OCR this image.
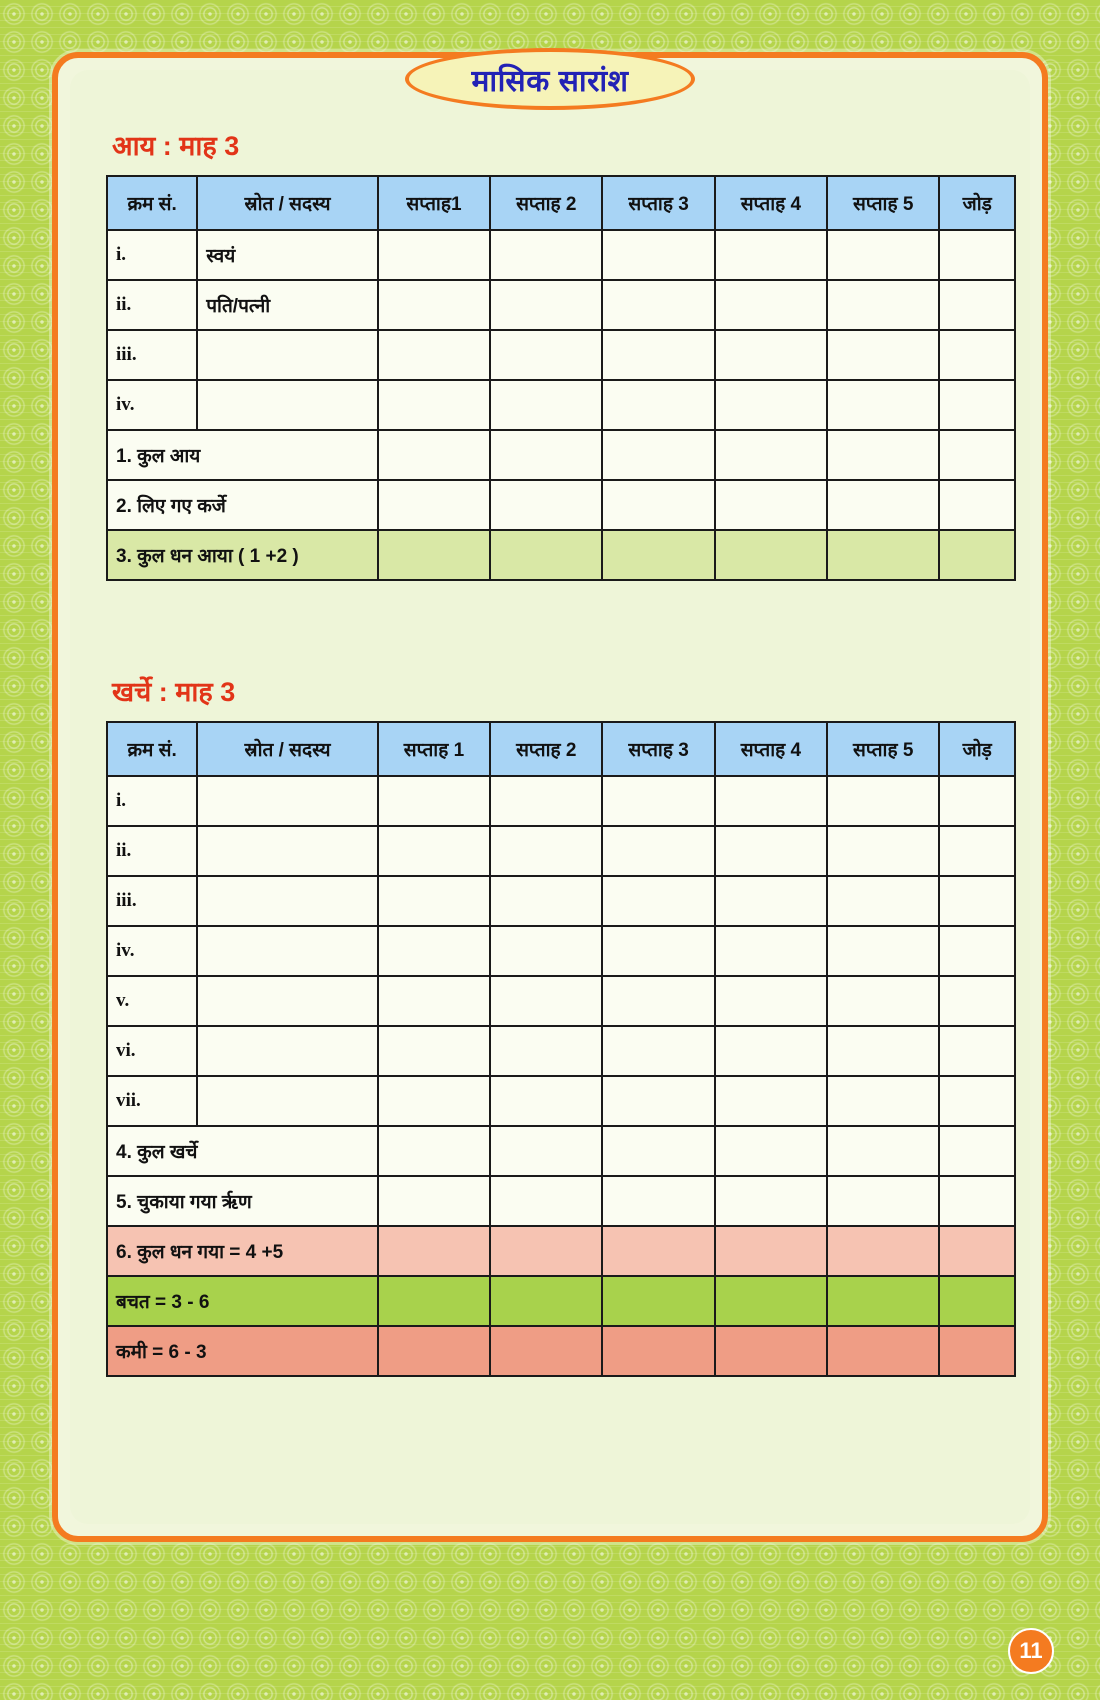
मासिक सारांश
आय : माह 3
क्रम सं.	स्रोत / सदस्य	सप्ताह1	सप्ताह 2	सप्ताह 3	सप्ताह 4	सप्ताह 5	जोड़
i.	स्वयं						
ii.	पति/पत्नी						
iii.							
iv.							
1. कुल आय							
2. लिए गए कर्जे							
3. कुल धन आया ( 1 +2 )							
खर्चे : माह 3
क्रम सं.	स्रोत / सदस्य	सप्ताह 1	सप्ताह 2	सप्ताह 3	सप्ताह 4	सप्ताह 5	जोड़
i.							
ii.							
iii.							
iv.							
v.							
vi.							
vii.							
4. कुल खर्चे							
5. चुकाया गया ऋृण							
6. कुल धन गया = 4 +5							
बचत = 3 - 6							
कमी = 6 - 3							
11
